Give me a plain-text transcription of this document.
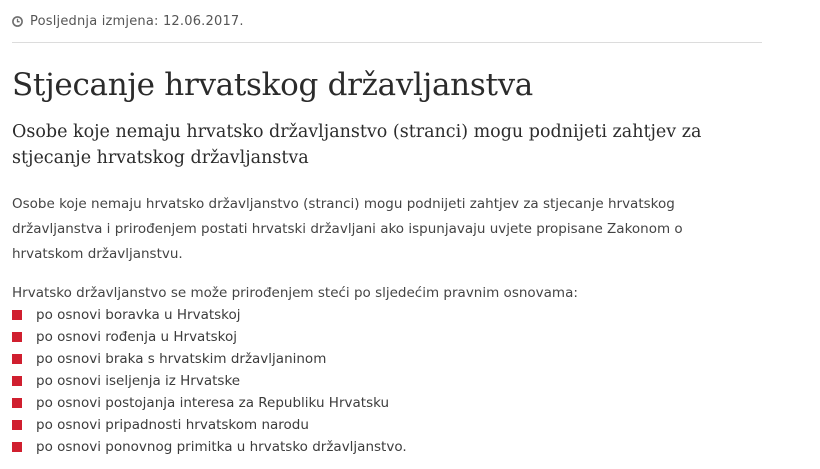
Posljednja izmjena: 12.06.2017.
Stjecanje hrvatskog državljanstva
Osobe koje nemaju hrvatsko državljanstvo (stranci) mogu podnijeti zahtjev za stjecanje hrvatskog državljanstva

Osobe koje nemaju hrvatsko državljanstvo (stranci) mogu podnijeti zahtjev za stjecanje hrvatskog državljanstva i prirođenjem postati hrvatski državljani ako ispunjavaju uvjete propisane Zakonom o hrvatskom državljanstvu.

Hrvatsko državljanstvo se može prirođenjem steći po sljedećim pravnim osnovama:

po osnovi boravka u Hrvatskoj
po osnovi rođenja u Hrvatskoj
po osnovi braka s hrvatskim državljaninom
po osnovi iseljenja iz Hrvatske
po osnovi postojanja interesa za Republiku Hrvatsku
po osnovi pripadnosti hrvatskom narodu
po osnovi ponovnog primitka u hrvatsko državljanstvo.
